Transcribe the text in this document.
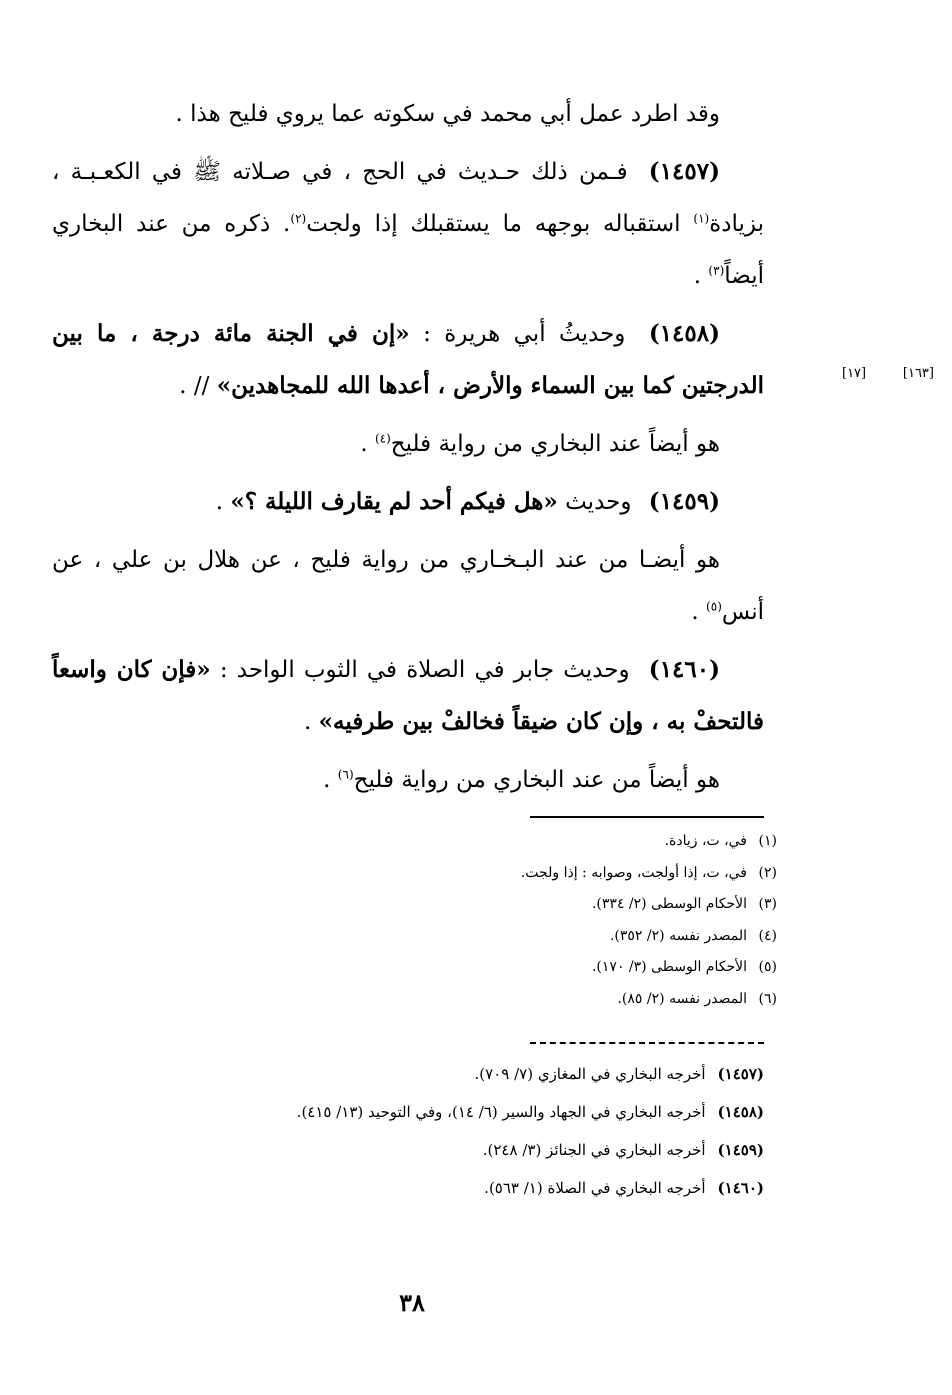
وقد اطرد عمل أبي محمد في سكوته عما يروي فليح هذا .

(١٤٥٧) فـمن ذلك حـديث في الحج ، في صـلاته ﷺ في الكعـبـة ، بزيادة$^{(١)}$ استقباله بوجهه ما يستقبلك إذا ولجت$^{(٢)}$. ذكره من عند البخاري أيضاً$^{(٣)}$ .

(١٤٥٨) وحديثُ أبي هريرة : «إن في الجنة مائة درجة ، ما بين الدرجتين كما بين السماء والأرض ، أعدها الله للمجاهدين» // .

هو أيضاً عند البخاري من رواية فليح$^{(٤)}$ .

(١٤٥٩) وحديث «هل فيكم أحد لم يقارف الليلة ؟» .

هو أيضـا من عند البـخـاري من رواية فليح ، عن هلال بن علي ، عن أنس$^{(٥)}$ .

(١٤٦٠) وحديث جابر في الصلاة في الثوب الواحد : «فإن كان واسعاً فالتحفْ به ، وإن كان ضيقاً فخالفْ بين طرفيه» .

هو أيضاً من عند البخاري من رواية فليح$^{(٦)}$ .

[١٦٣]
[١٧]
(١)في، ت، زيادة.
(٢)في، ت، إذا أولجت، وصوابه : إذا ولجت.
(٣)الأحكام الوسطى (٢/ ٣٣٤).
(٤)المصدر نفسه (٢/ ٣٥٢).
(٥)الأحكام الوسطى (٣/ ١٧٠).
(٦)المصدر نفسه (٢/ ٨٥).
(١٤٥٧)أخرجه البخاري في المغازي (٧/ ٧٠٩).
(١٤٥٨)أخرجه البخاري في الجهاد والسير (٦/ ١٤)، وفي التوحيد (١٣/ ٤١٥).
(١٤٥٩)أخرجه البخاري في الجنائز (٣/ ٢٤٨).
(١٤٦٠)أخرجه البخاري في الصلاة (١/ ٥٦٣).
٣٨
